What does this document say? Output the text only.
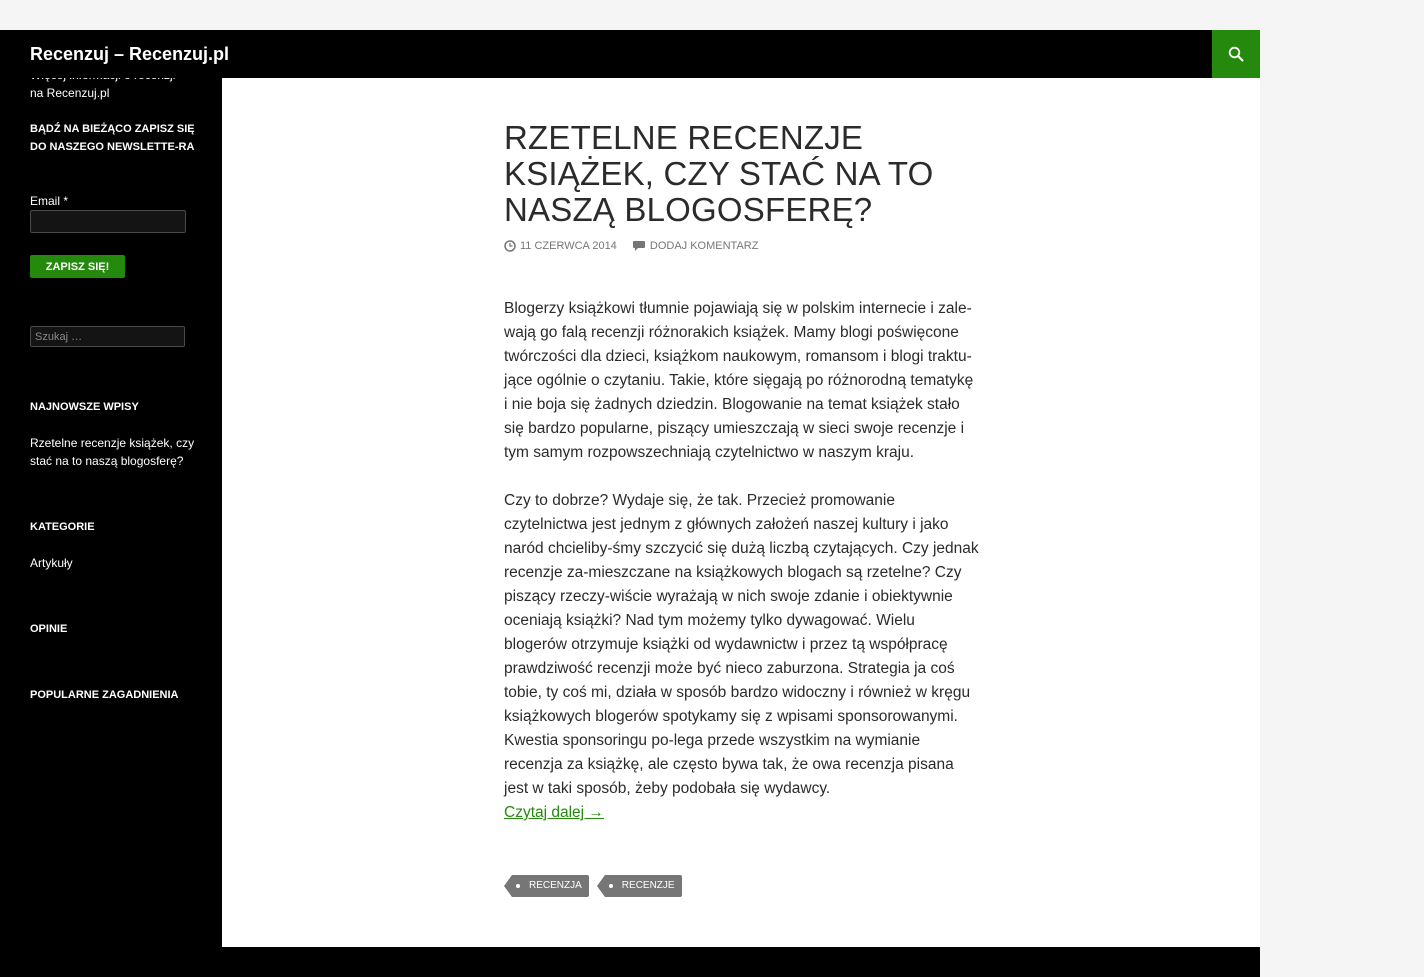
Recenzuj – Recenzuj.pl
na Recenzuj.pl
BĄDŹ NA BIEŻĄCO ZAPISZ SIĘ DO NASZEGO NEWSLETTE-RA
Email *
ZAPISZ SIĘ!
Szukaj …
NAJNOWSZE WPISY
Rzetelne recenzje książek, czy stać na to naszą blogosferę?
KATEGORIE
Artykuły
OPINIE
POPULARNE ZAGADNIENIA
RZETELNE RECENZJE KSIĄŻEK, CZY STAĆ NA TO NASZĄ BLOGOSFERĘ?
11 CZERWCA 2014
	DODAJ KOMENTARZ

Blogerzy książkowi tłumnie pojawiają się w polskim internecie i zale-wają go falą recenzji różnorakich książek. Mamy blogi poświęcone twórczości dla dzieci, książkom naukowym, romansom i blogi traktu-jące ogólnie o czytaniu. Takie, które sięgają po różnorodną tematykę i nie boja się żadnych dziedzin. Blogowanie na temat książek stało się bardzo popularne, piszący umieszczają w sieci swoje recenzje i tym samym rozpowszechniają czytelnictwo w naszym kraju.

Czy to dobrze? Wydaje się, że tak. Przecież promowanie czytelnictwa jest jednym z głównych założeń naszej kultury i jako naród chcieliby-śmy szczycić się dużą liczbą czytających. Czy jednak recenzje za-mieszczane na książkowych blogach są rzetelne? Czy piszący rzeczy-wiście wyrażają w nich swoje zdanie i obiektywnie oceniają książki? Nad tym możemy tylko dywagować. Wielu blogerów otrzymuje książki od wydawnictw i przez tą współpracę prawdziwość recenzji może być nieco zaburzona. Strategia ja coś tobie, ty coś mi, działa w sposób bardzo widoczny i również w kręgu książkowych blogerów spotykamy się z wpisami sponsorowanymi. Kwestia sponsoringu po-lega przede wszystkim na wymianie recenzja za książkę, ale często bywa tak, że owa recenzja pisana jest w taki sposób, żeby podobała się wydawcy.

Czytaj dalej →
RECENZJA	RECENZJE
